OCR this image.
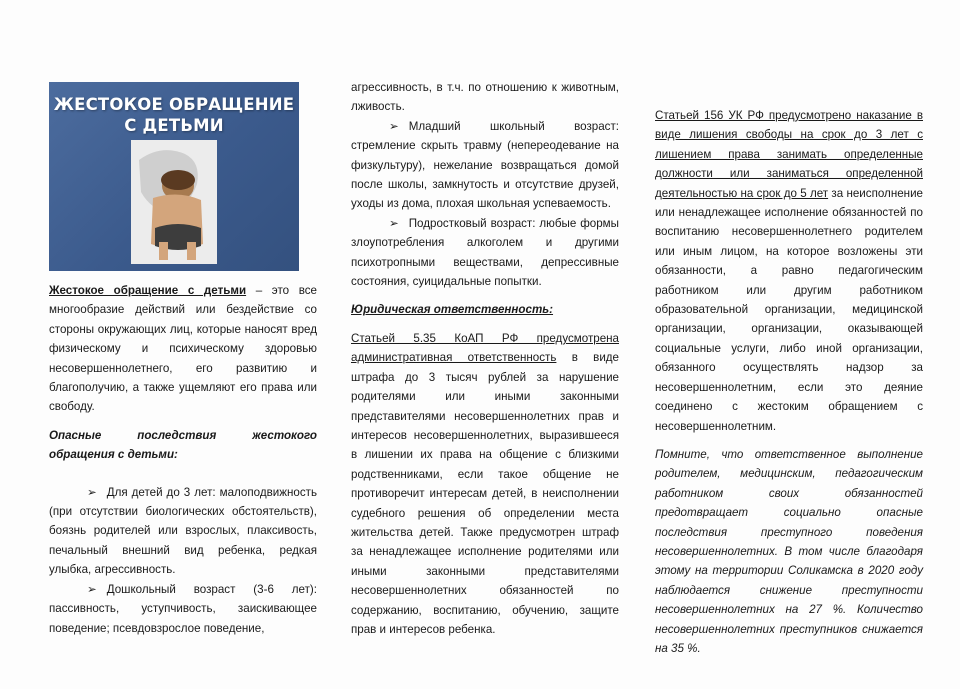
ЖЕСТОКОЕ ОБРАЩЕНИЕ
С ДЕТЬМИ

Жестокое обращение с детьми – это все многообразие действий или бездействие со стороны окружающих лиц, которые наносят вред физическому и психическому здоровью несовершеннолетнего, его развитию и благополучию, а также ущемляют его права или свободу.

Опасные последствия жестокого обращения с детьми:

➢ Для детей до 3 лет: малоподвижность (при отсутствии биологических обстоятельств), боязнь родителей или взрослых, плаксивость, печальный внешний вид ребенка, редкая улыбка, агрессивность.

➢ Дошкольный возраст (3-6 лет): пассивность, уступчивость, заискивающее поведение; псевдовзрослое поведение,

агрессивность, в т.ч. по отношению к животным, лживость.

➢ Младший школьный возраст: стремление скрыть травму (непереодевание на физкультуру), нежелание возвращаться домой после школы, замкнутость и отсутствие друзей, уходы из дома, плохая школьная успеваемость.

➢ Подростковый возраст: любые формы злоупотребления алкоголем и другими психотропными веществами, депрессивные состояния, суицидальные попытки.

Юридическая ответственность:

Статьей 5.35 КоАП РФ предусмотрена административная ответственность в виде штрафа до 3 тысяч рублей за нарушение родителями или иными законными представителями несовершеннолетних прав и интересов несовершеннолетних, выразившееся в лишении их права на общение с близкими родственниками, если такое общение не противоречит интересам детей, в неисполнении судебного решения об определении места жительства детей. Также предусмотрен штраф за ненадлежащее исполнение родителями или иными законными представителями несовершеннолетних обязанностей по содержанию, воспитанию, обучению, защите прав и интересов ребенка.

Статьей 156 УК РФ предусмотрено наказание в виде лишения свободы на срок до 3 лет с лишением права занимать определенные должности или заниматься определенной деятельностью на срок до 5 лет за неисполнение или ненадлежащее исполнение обязанностей по воспитанию несовершеннолетнего родителем или иным лицом, на которое возложены эти обязанности, а равно педагогическим работником или другим работником образовательной организации, медицинской организации, организации, оказывающей социальные услуги, либо иной организации, обязанного осуществлять надзор за несовершеннолетним, если это деяние соединено с жестоким обращением с несовершеннолетним.

Помните, что ответственное выполнение родителем, медицинским, педагогическим работником своих обязанностей предотвращает социально опасные последствия преступного поведения несовершеннолетних. В том числе благодаря этому на территории Соликамска в 2020 году наблюдается снижение преступности несовершеннолетних на 27 %. Количество несовершеннолетних преступников снижается на 35 %.
